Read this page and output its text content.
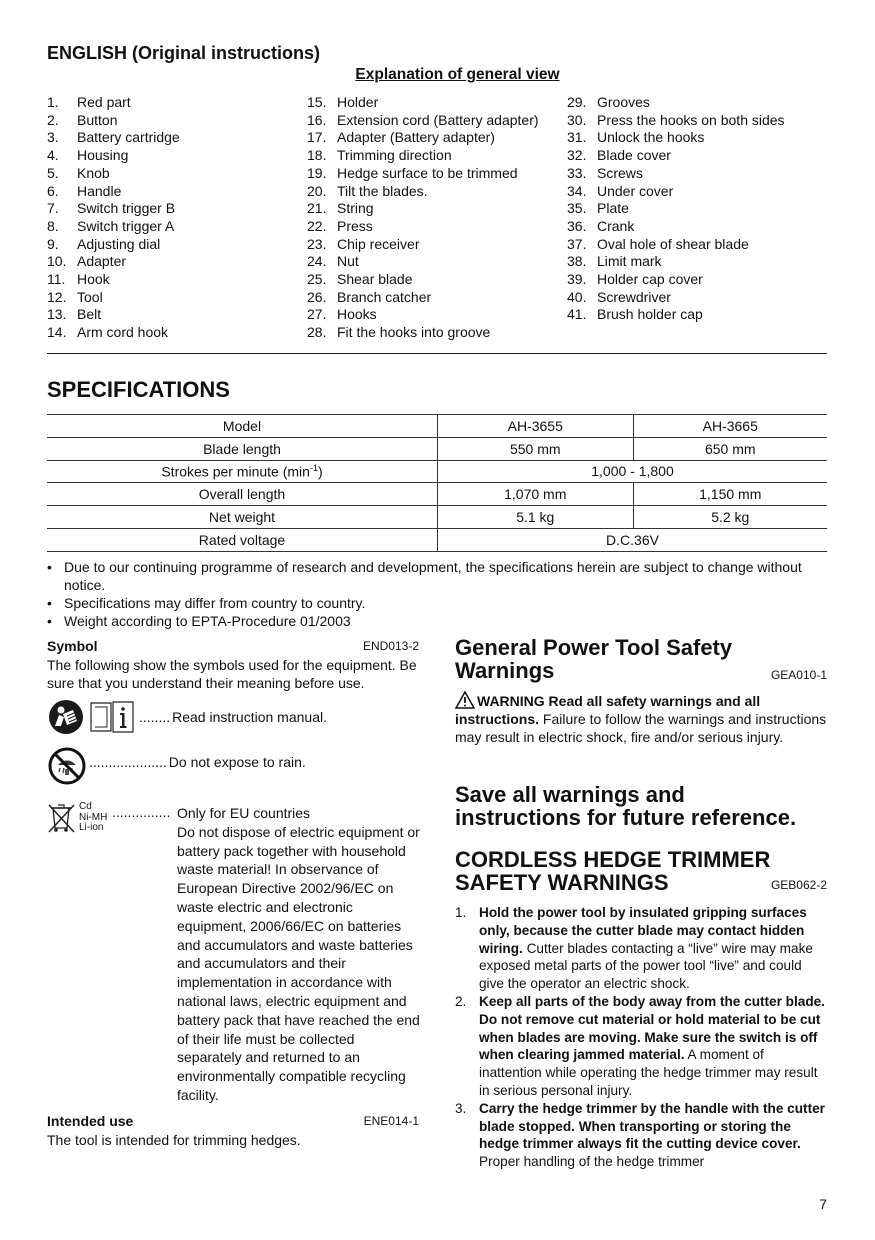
ENGLISH (Original instructions)
Explanation of general view
1.	Red part
2.	Button
3.	Battery cartridge
4.	Housing
5.	Knob
6.	Handle
7.	Switch trigger B
8.	Switch trigger A
9.	Adjusting dial
10. Adapter
11. Hook
12. Tool
13. Belt
14. Arm cord hook
15. Holder
16. Extension cord (Battery adapter)
17. Adapter (Battery adapter)
18. Trimming direction
19. Hedge surface to be trimmed
20. Tilt the blades.
21. String
22. Press
23. Chip receiver
24. Nut
25. Shear blade
26. Branch catcher
27. Hooks
28. Fit the hooks into groove
29. Grooves
30. Press the hooks on both sides
31. Unlock the hooks
32. Blade cover
33. Screws
34. Under cover
35. Plate
36. Crank
37. Oval hole of shear blade
38. Limit mark
39. Holder cap cover
40. Screwdriver
41. Brush holder cap
SPECIFICATIONS
Model	AH-3655	AH-3665
Blade length	550 mm	650 mm
Strokes per minute $(\min^{-1})$	1,000 - 1,800	
Overall length	1,070 mm	1,150 mm
Net weight	5.1 kg	5.2 kg
Rated voltage	D.C.36V	
• Due to our continuing programme of research and development, the specifications herein are subject to change without notice.
• Specifications may differ from country to country.
• Weight according to EPTA-Procedure 01/2003
Symbol	END013-2
The following show the symbols used for the equipment. Be sure that you understand their meaning before use.
........ Read instruction manual.
.................... Do not expose to rain.
Cd
Ni-MH
Li-ion
............... Only for EU countries
Do not dispose of electric equipment or battery pack together with household waste material! In observance of European Directive 2002/96/EC on waste electric and electronic equipment, 2006/66/EC on batteries and accumulators and waste batteries and accumulators and their implementation in accordance with national laws, electric equipment and battery pack that have reached the end of their life must be collected separately and returned to an environmentally compatible recycling facility.
Intended use	ENE014-1
The tool is intended for trimming hedges.
General Power Tool Safety
Warnings	GEA010-1
WARNING Read all safety warnings and all instructions. Failure to follow the warnings and instructions may result in electric shock, fire and/or serious injury.
Save all warnings and
instructions for future reference.
CORDLESS HEDGE TRIMMER
SAFETY WARNINGS	GEB062-2
1. Hold the power tool by insulated gripping surfaces only, because the cutter blade may contact hidden wiring. Cutter blades contacting a “live” wire may make exposed metal parts of the power tool “live” and could give the operator an electric shock.
2. Keep all parts of the body away from the cutter blade. Do not remove cut material or hold material to be cut when blades are moving. Make sure the switch is off when clearing jammed material. A moment of inattention while operating the hedge trimmer may result in serious personal injury.
3. Carry the hedge trimmer by the handle with the cutter blade stopped. When transporting or storing the hedge trimmer always fit the cutting device cover. Proper handling of the hedge trimmer
7
